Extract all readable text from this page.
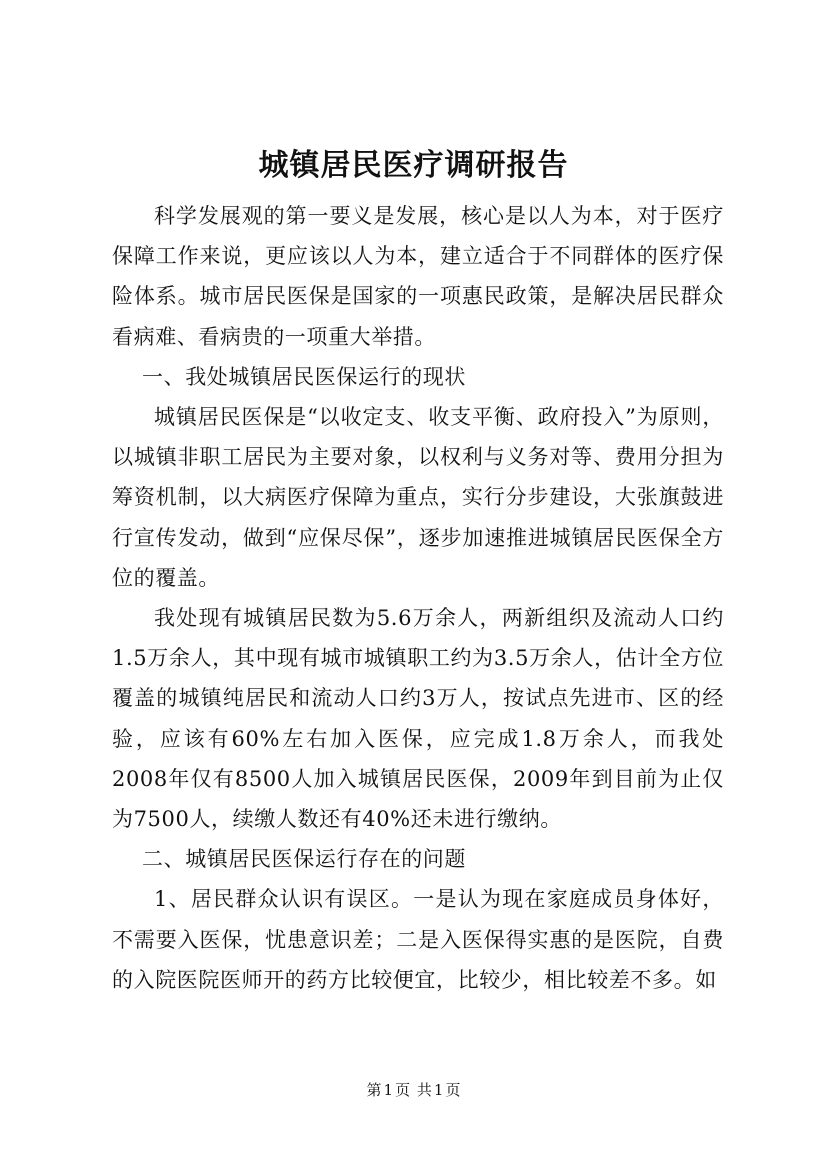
城镇居民医疗调研报告

科学发展观的第一要义是发展，核心是以人为本，对于医疗保障工作来说，更应该以人为本，建立适合于不同群体的医疗保险体系。城市居民医保是国家的一项惠民政策，是解决居民群众看病难、看病贵的一项重大举措。

一、我处城镇居民医保运行的现状

城镇居民医保是“以收定支、收支平衡、政府投入”为原则，以城镇非职工居民为主要对象，以权利与义务对等、费用分担为筹资机制，以大病医疗保障为重点，实行分步建设，大张旗鼓进行宣传发动，做到“应保尽保”，逐步加速推进城镇居民医保全方位的覆盖。

我处现有城镇居民数为5.6万余人，两新组织及流动人口约1.5万余人，其中现有城市城镇职工约为3.5万余人，估计全方位覆盖的城镇纯居民和流动人口约3万人，按试点先进市、区的经验，应该有60%左右加入医保，应完成1.8万余人，而我处2008年仅有8500人加入城镇居民医保，2009年到目前为止仅为7500人，续缴人数还有40%还未进行缴纳。

二、城镇居民医保运行存在的问题

1、居民群众认识有误区。一是认为现在家庭成员身体好，不需要入医保，忧患意识差；二是入医保得实惠的是医院，自费的入院医院医师开的药方比较便宜，比较少，相比较差不多。如

第 1 页 共 1 页
